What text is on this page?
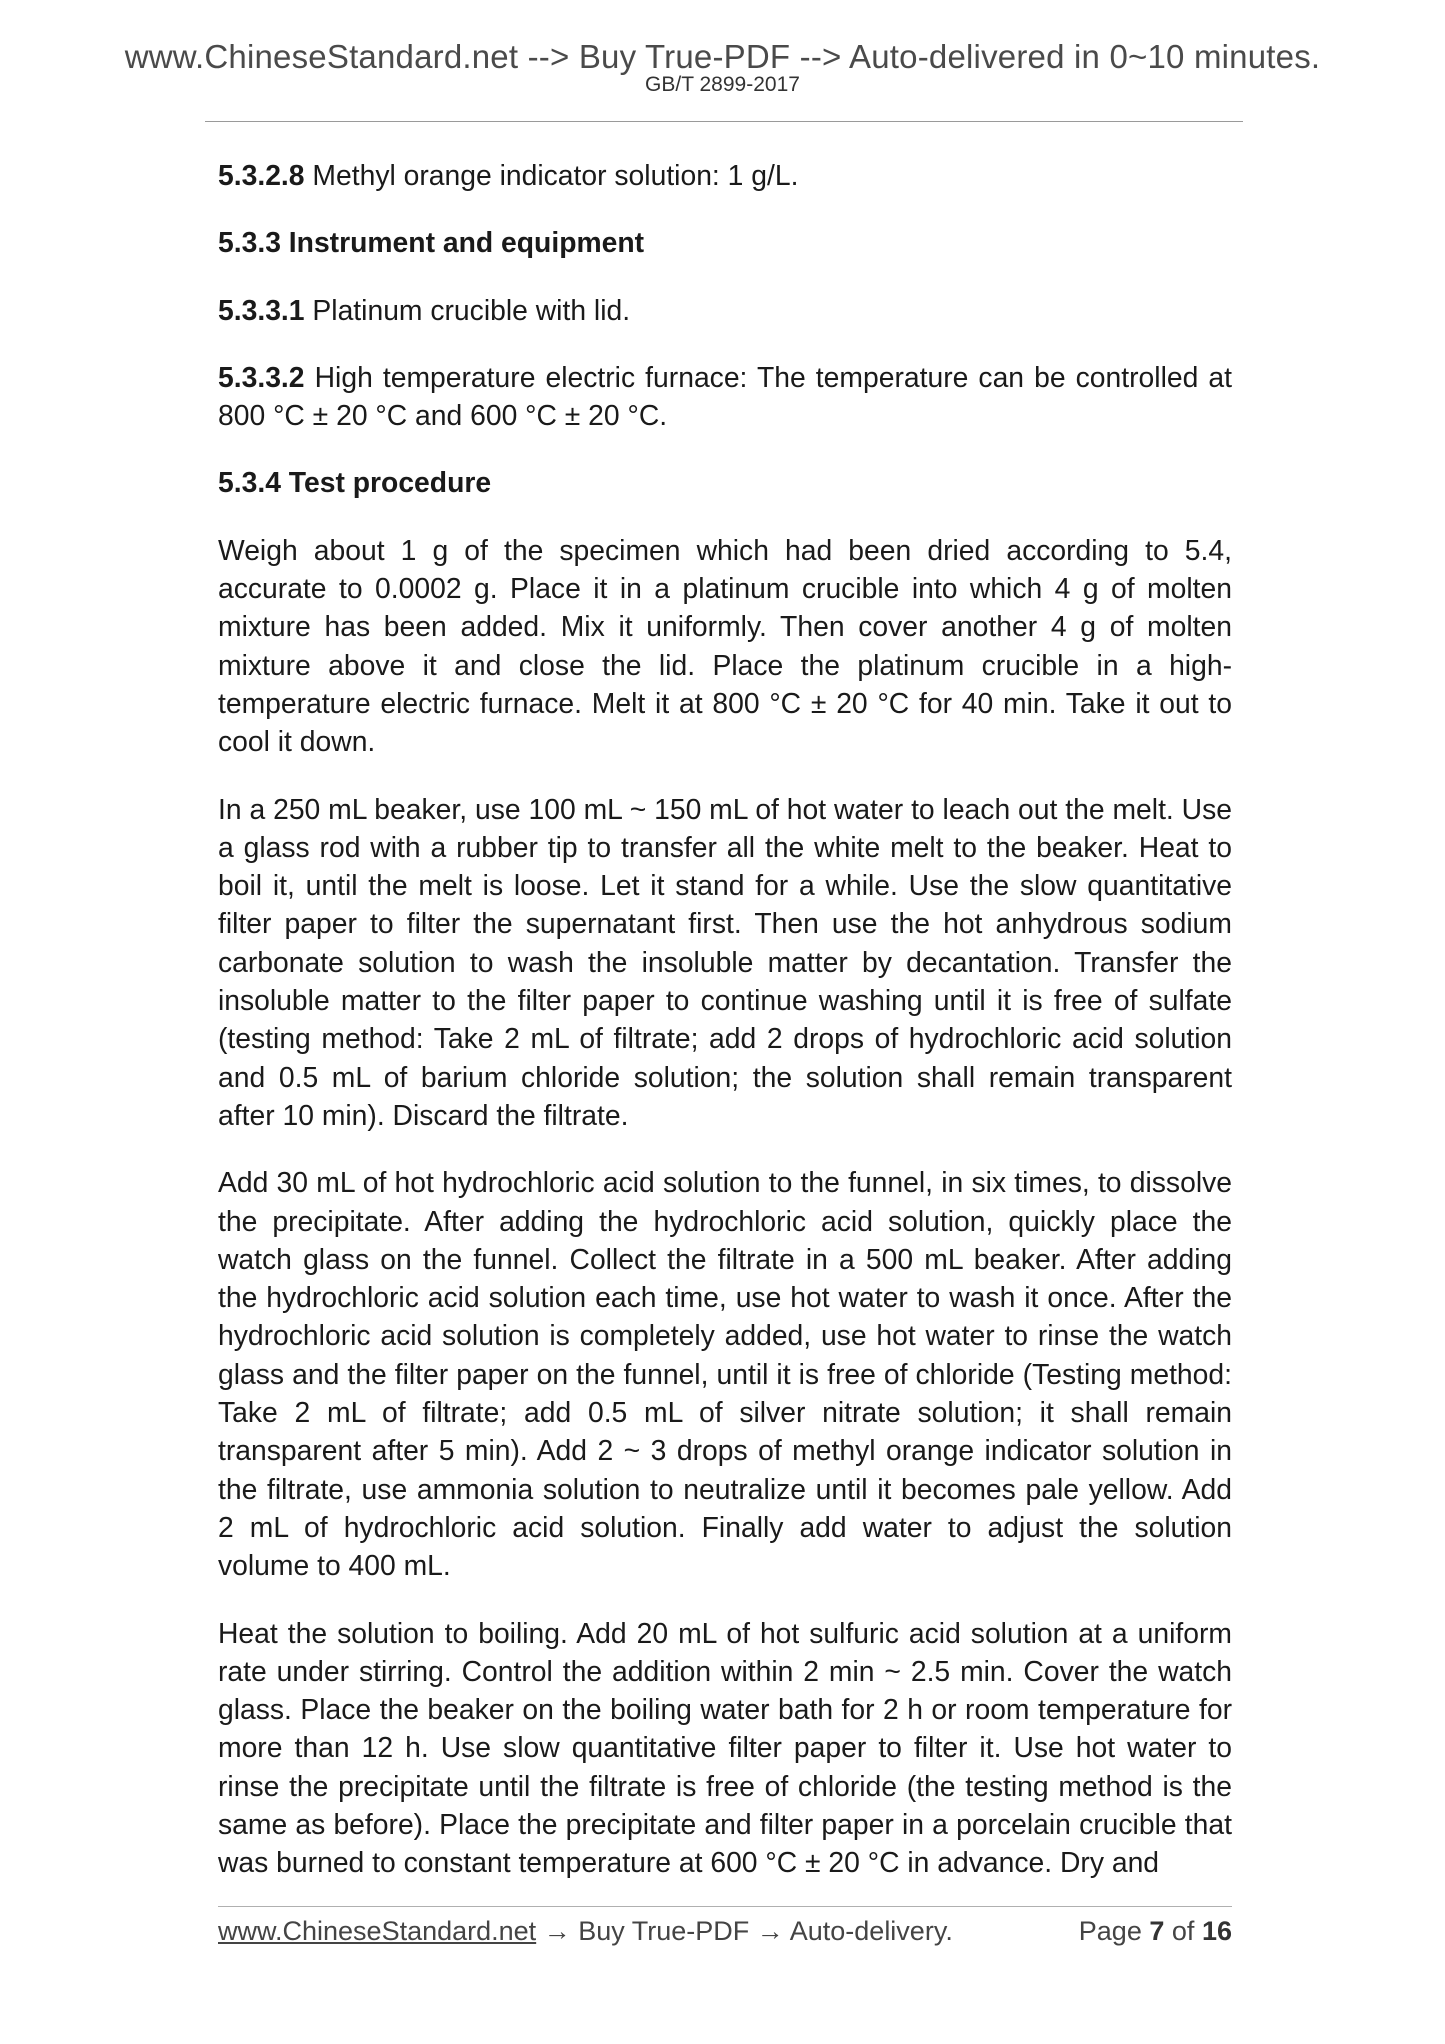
www.ChineseStandard.net --> Buy True-PDF --> Auto-delivered in 0~10 minutes.
GB/T 2899-2017

5.3.2.8 Methyl orange indicator solution: 1 g/L.

5.3.3 Instrument and equipment

5.3.3.1 Platinum crucible with lid.

5.3.3.2 High temperature electric furnace: The temperature can be controlled at 800 °C ± 20 °C and 600 °C ± 20 °C.

5.3.4 Test procedure

Weigh about 1 g of the specimen which had been dried according to 5.4, accurate to 0.0002 g. Place it in a platinum crucible into which 4 g of molten mixture has been added. Mix it uniformly. Then cover another 4 g of molten mixture above it and close the lid. Place the platinum crucible in a high-temperature electric furnace. Melt it at 800 °C ± 20 °C for 40 min. Take it out to cool it down.

In a 250 mL beaker, use 100 mL ~ 150 mL of hot water to leach out the melt. Use a glass rod with a rubber tip to transfer all the white melt to the beaker. Heat to boil it, until the melt is loose. Let it stand for a while. Use the slow quantitative filter paper to filter the supernatant first. Then use the hot anhydrous sodium carbonate solution to wash the insoluble matter by decantation. Transfer the insoluble matter to the filter paper to continue washing until it is free of sulfate (testing method: Take 2 mL of filtrate; add 2 drops of hydrochloric acid solution and 0.5 mL of barium chloride solution; the solution shall remain transparent after 10 min). Discard the filtrate.

Add 30 mL of hot hydrochloric acid solution to the funnel, in six times, to dissolve the precipitate. After adding the hydrochloric acid solution, quickly place the watch glass on the funnel. Collect the filtrate in a 500 mL beaker. After adding the hydrochloric acid solution each time, use hot water to wash it once. After the hydrochloric acid solution is completely added, use hot water to rinse the watch glass and the filter paper on the funnel, until it is free of chloride (Testing method: Take 2 mL of filtrate; add 0.5 mL of silver nitrate solution; it shall remain transparent after 5 min). Add 2 ~ 3 drops of methyl orange indicator solution in the filtrate, use ammonia solution to neutralize until it becomes pale yellow. Add 2 mL of hydrochloric acid solution. Finally add water to adjust the solution volume to 400 mL.

Heat the solution to boiling. Add 20 mL of hot sulfuric acid solution at a uniform rate under stirring. Control the addition within 2 min ~ 2.5 min. Cover the watch glass. Place the beaker on the boiling water bath for 2 h or room temperature for more than 12 h. Use slow quantitative filter paper to filter it. Use hot water to rinse the precipitate until the filtrate is free of chloride (the testing method is the same as before). Place the precipitate and filter paper in a porcelain crucible that was burned to constant temperature at 600 °C ± 20 °C in advance. Dry and

www.ChineseStandard.net → Buy True-PDF → Auto-delivery.	Page 7 of 16
